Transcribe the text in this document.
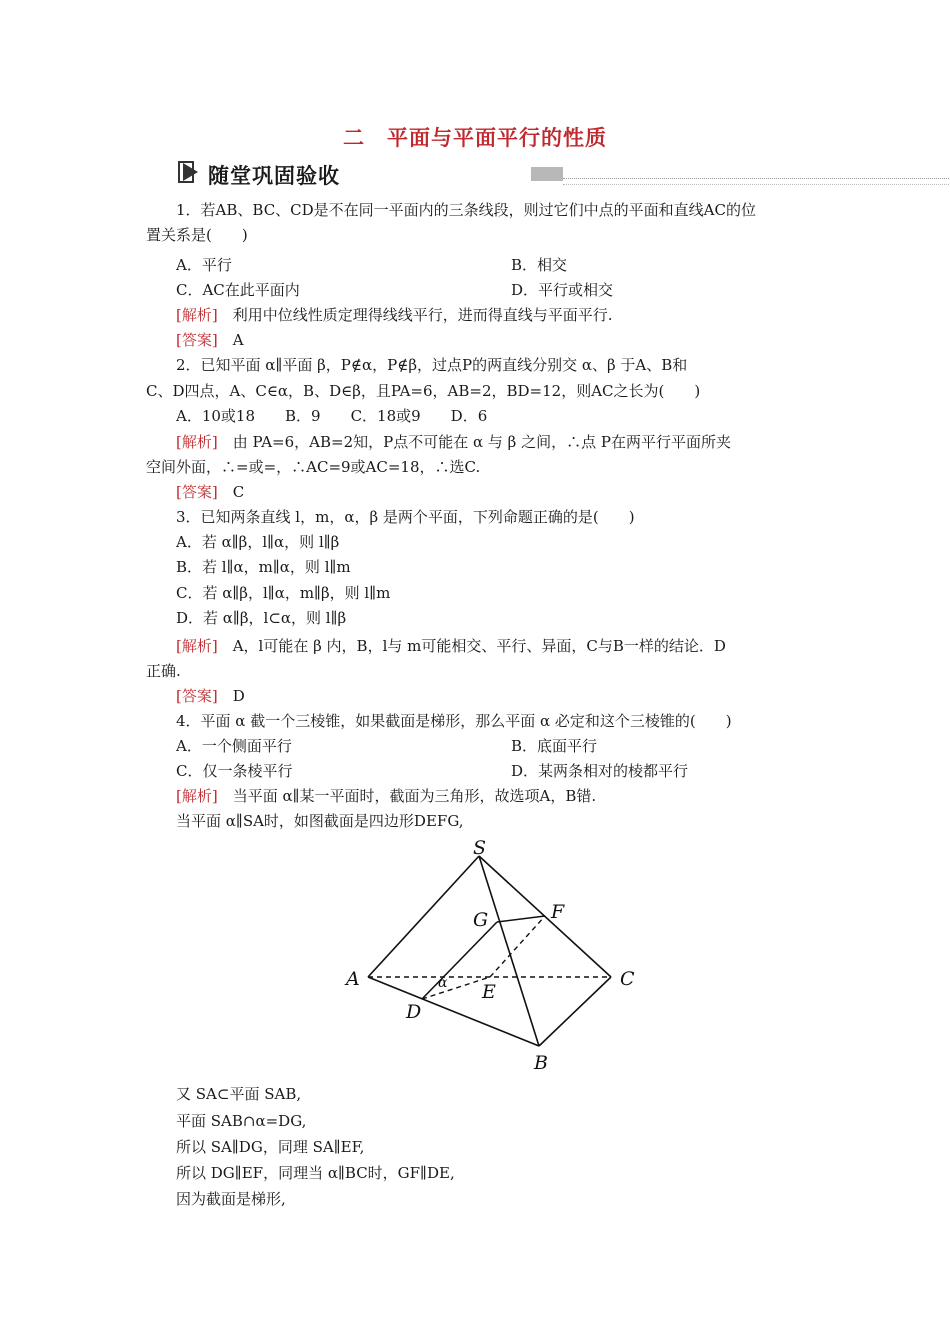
二　平面与平面平行的性质
随堂巩固验收
1．若AB、BC、CD是不在同一平面内的三条线段，则过它们中点的平面和直线AC的位
置关系是(　　)
A．平行	B．相交
C．AC在此平面内	D．平行或相交
[解析]　利用中位线性质定理得线线平行，进而得直线与平面平行.
[答案]　A
2．已知平面 α∥平面 β，P∉α，P∉β，过点P的两直线分别交 α、β 于A、B和
C、D四点，A、C∈α，B、D∈β，且PA=6，AB=2，BD=12，则AC之长为(　　)
A．10或18　　B．9　　C．18或9　　D．6
[解析]　由 PA=6，AB=2知，P点不可能在 α 与 β 之间，∴点 P在两平行平面所夹
空间外面，∴=或=，∴AC=9或AC=18，∴选C.
[答案]　C
3．已知两条直线 l，m，α，β 是两个平面，下列命题正确的是(　　)
A．若 α∥β，l∥α，则 l∥β
B．若 l∥α，m∥α，则 l∥m
C．若 α∥β，l∥α，m∥β，则 l∥m
D．若 α∥β，l⊂α，则 l∥β
[解析]　A，l可能在 β 内，B，l与 m可能相交、平行、异面，C与B一样的结论．D
正确.
[答案]　D
4．平面 α 截一个三棱锥，如果截面是梯形，那么平面 α 必定和这个三棱锥的(　　)
A．一个侧面平行	B．底面平行
C．仅一条棱平行	D．某两条相对的棱都平行
[解析]　当平面 α∥某一平面时，截面为三角形，故选项A，B错.
当平面 α∥SA时，如图截面是四边形DEFG,
S
A
B
C
D
E
F
G
α
又 SA⊂平面 SAB,
平面 SAB∩α=DG,
所以 SA∥DG，同理 SA∥EF,
所以 DG∥EF，同理当 α∥BC时，GF∥DE,
因为截面是梯形,
